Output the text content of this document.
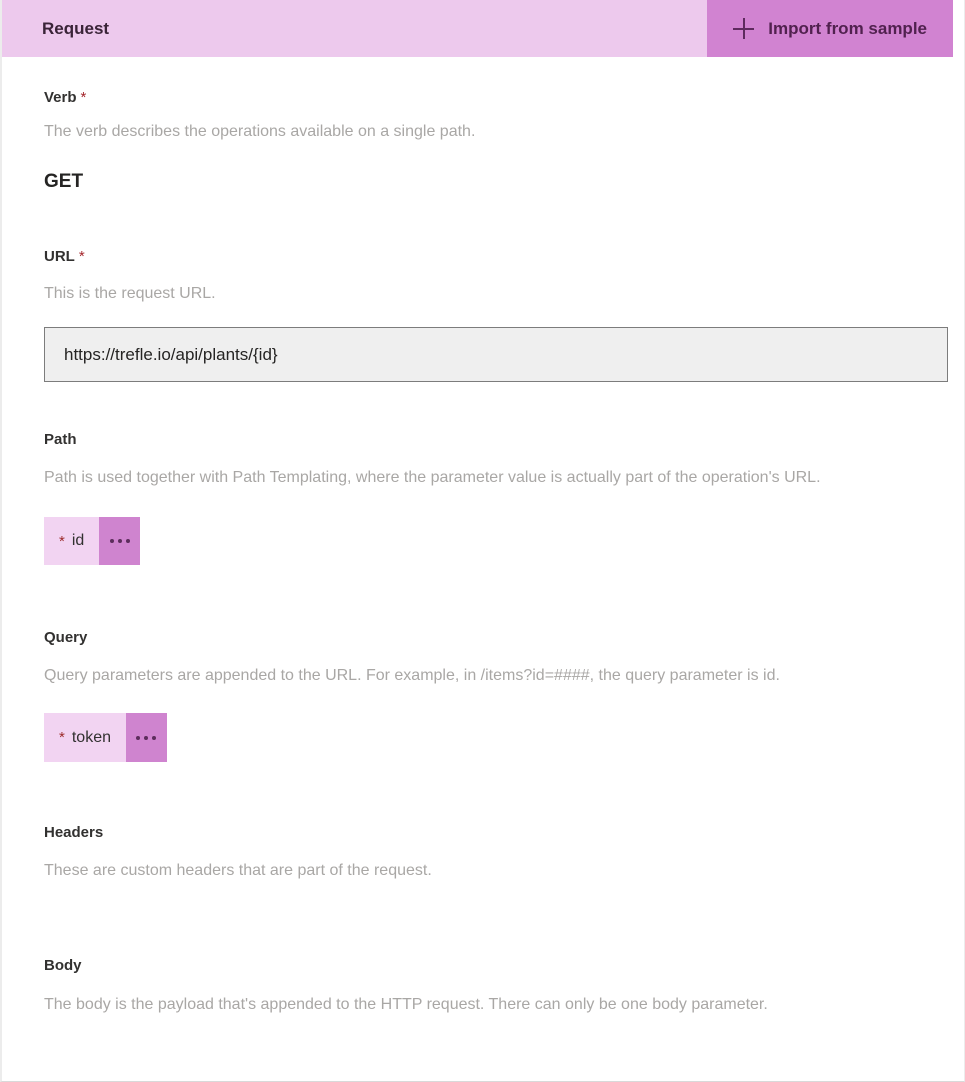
Request	Import from sample
Verb *
The verb describes the operations available on a single path.
GET
URL *
This is the request URL.
https://trefle.io/api/plants/{id}
Path
Path is used together with Path Templating, where the parameter value is actually part of the operation's URL.
* id
Query
Query parameters are appended to the URL. For example, in /items?id=####, the query parameter is id.
* token
Headers
These are custom headers that are part of the request.
Body
The body is the payload that's appended to the HTTP request. There can only be one body parameter.
